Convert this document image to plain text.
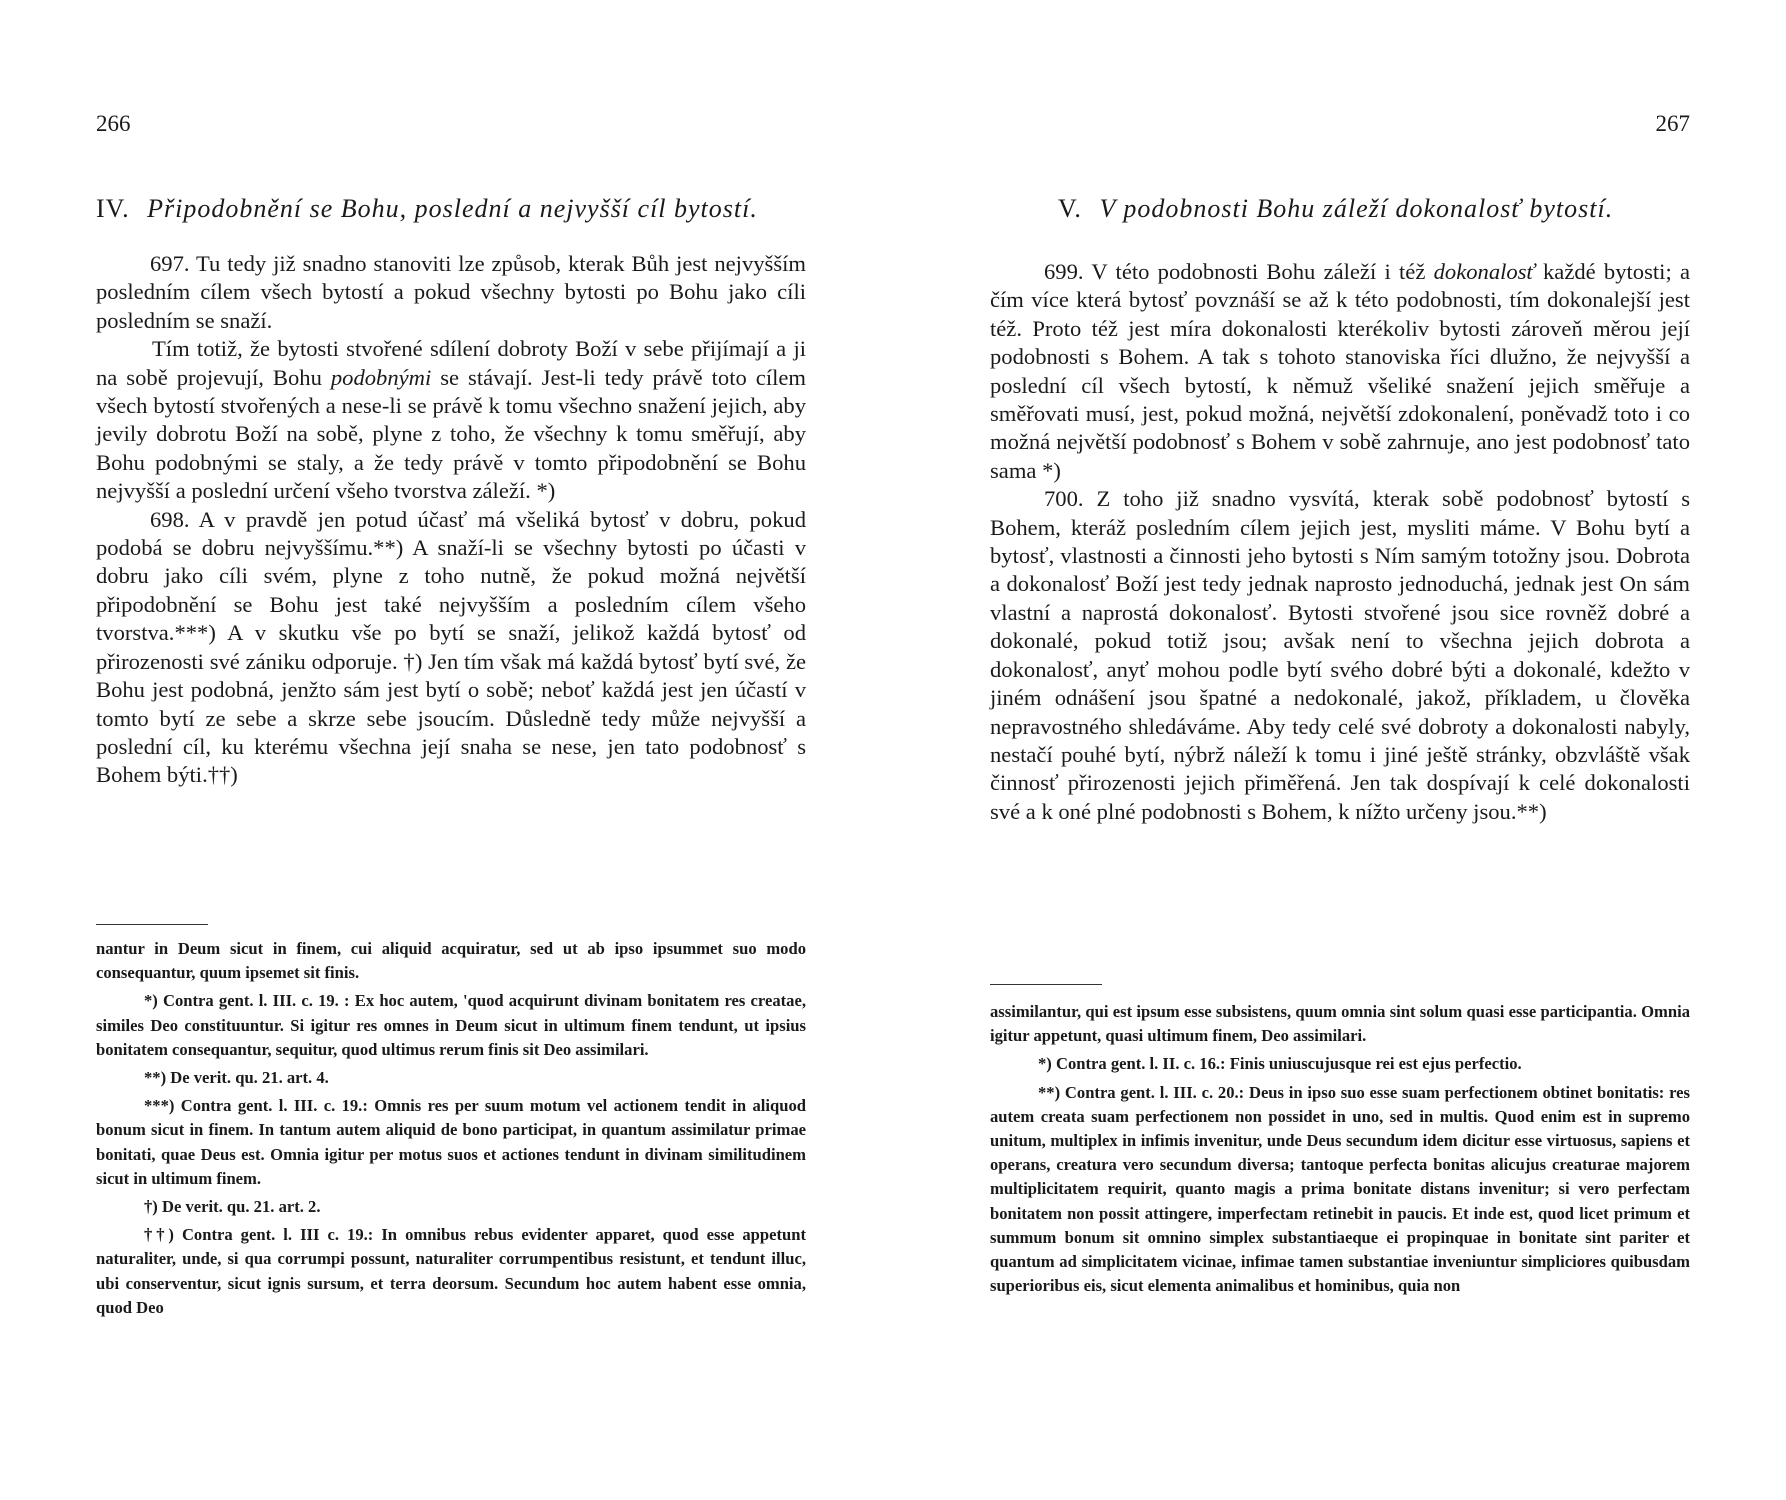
266
IV. Připodobnění se Bohu, poslední a nejvyšší cíl bytostí.

697. Tu tedy již snadno stanoviti lze způsob, kterak Bůh jest nejvyšším posledním cílem všech bytostí a pokud všechny bytosti po Bohu jako cíli posledním se snaží.

Tím totiž, že bytosti stvořené sdílení dobroty Boží v sebe přijímají a ji na sobě projevují, Bohu podobnými se stávají. Jest-li tedy právě toto cílem všech bytostí stvořených a nese-li se právě k tomu všechno snažení jejich, aby jevily dobrotu Boží na sobě, plyne z toho, že všechny k tomu směřují, aby Bohu podobnými se staly, a že tedy právě v tomto připodobnění se Bohu nejvyšší a poslední určení všeho tvorstva záleží. *)

698. A v pravdě jen potud účasť má vš᠎eliká bytosť v dobru, pokud podobá se dobru nejvyššímu.**) A snaží-li se všechny bytosti po účasti v dobru jako cíli svém, plyne z toho nutně, že pokud možná největší připodobnění se Bohu jest také nejvyšším a posledním cílem všeho tvorstva.***) A v skutku vše po bytí se snaží, jelikož každá bytosť od přirozenosti své zániku odporuje. †) Jen tím však má každá bytosť bytí své, že Bohu jest podobná, jenžto sám jest bytí o sobě; neboť každá jest jen účastí v tomto bytí ze sebe a skrze sebe jsoucím. Důsledně tedy může nejvyšší a poslední cíl, ku kterému všechna její snaha se nese, jen tato podobnosť s Bohem býti.††)

nantur in Deum sicut in finem, cui aliquid acquiratur, sed ut ab ipso ipsummet suo modo consequantur, quum ipsemet sit finis.

*) Contra gent. l. III. c. 19. : Ex hoc autem, 'quod acquirunt divinam bonitatem res creatae, similes Deo constituuntur. Si igitur res omnes in Deum sicut in ultimum finem tendunt, ut ipsius bonitatem consequantur, sequitur, quod ultimus rerum finis sit Deo assimilari.

**) De verit. qu. 21. art. 4.

***) Contra gent. l. III. c. 19.: Omnis res per suum motum vel actionem tendit in aliquod bonum sicut in finem. In tantum autem aliquid de bono participat, in quantum assimilatur primae bonitati, quae Deus est. Omnia igitur per motus suos et actiones tendunt in divinam similitudinem sicut in ultimum finem.

†) De verit. qu. 21. art. 2.

††) Contra gent. l. III c. 19.: In omnibus rebus evidenter apparet, quod esse appetunt naturaliter, unde, si qua corrumpi possunt, naturaliter corrumpentibus resistunt, et tendunt illuc, ubi conserventur, sicut ignis sursum, et terra deorsum. Secundum hoc autem habent esse omnia, quod Deo

267
V. V podobnosti Bohu záleží dokonalosť bytostí.

699. V této podobnosti Bohu záleží i též dokonalosť každé bytosti; a čím více která bytosť povznáší se až k této podobnosti, tím dokonalejší jest též. Proto též jest míra dokonalosti kterékoliv bytosti zároveň měrou její podobnosti s Bohem. A tak s tohoto stanoviska říci dlužno, že nejvyšší a poslední cíl všech bytostí, k němuž všeliké snažení jejich směřuje a směřovati musí, jest, pokud možná, největší zdokonalení, poněvadž toto i co možná největší podobnosť s Bohem v sobě zahrnuje, ano jest podobnosť tato sama *)

700. Z toho již snadno vysvítá, kterak sobě podobnosť bytostí s Bohem, kteráž posledním cílem jejich jest, mysliti máme. V Bohu bytí a bytosť, vlastnosti a činnosti jeho bytosti s Ním samým totožny jsou. Dobrota a dokonalosť Boží jest tedy jednak naprosto jednoduchá, jednak jest On sám vlastní a naprostá dokonalosť. Bytosti stvořené jsou sice rovněž dobré a dokonalé, pokud totiž jsou; avšak není to všechna jejich dobrota a dokonalosť, anyť mohou podle bytí svého dobré býti a dokonalé, kdežto v jiném odnášení jsou špatné a nedokonalé, jakož, příkladem, u člověka nepravostného shledáváme. Aby tedy celé své dobroty a dokonalosti nabyly, nestačí pouhé bytí, nýbrž náleží k tomu i jiné ještě stránky, obzvláště však činnosť přirozenosti jejich přiměřená. Jen tak dospívají k celé dokonalosti své a k oné plné podobnosti s Bohem, k nížto určeny jsou.**)

assimilantur, qui est ipsum esse subsistens, quum omnia sint solum quasi esse participantia. Omnia igitur appetunt, quasi ultimum finem, Deo assimilari.

*) Contra gent. l. II. c. 16.: Finis uniuscujusque rei est ejus perfectio.

**) Contra gent. l. III. c. 20.: Deus in ipso suo esse suam perfectionem obtinet bonitatis: res autem creata suam perfectionem non possidet in uno, sed in multis. Quod enim est in supremo unitum, multiplex in infimis invenitur, unde Deus secundum idem dicitur esse virtuosus, sapiens et operans, creatura vero secundum diversa; tantoque perfecta bonitas alicujus creaturae majorem multiplicitatem requirit, quanto magis a prima bonitate distans invenitur; si vero perfectam bonitatem non possit attingere, imperfectam retinebit in paucis. Et inde est, quod licet primum et summum bonum sit omnino simplex substantiaeque ei propinquae in bonitate sint pariter et quantum ad simplicitatem vicinae, infimae tamen substantiae inveniuntur simpliciores quibusdam superioribus eis, sicut elementa animalibus et hominibus, quia non
